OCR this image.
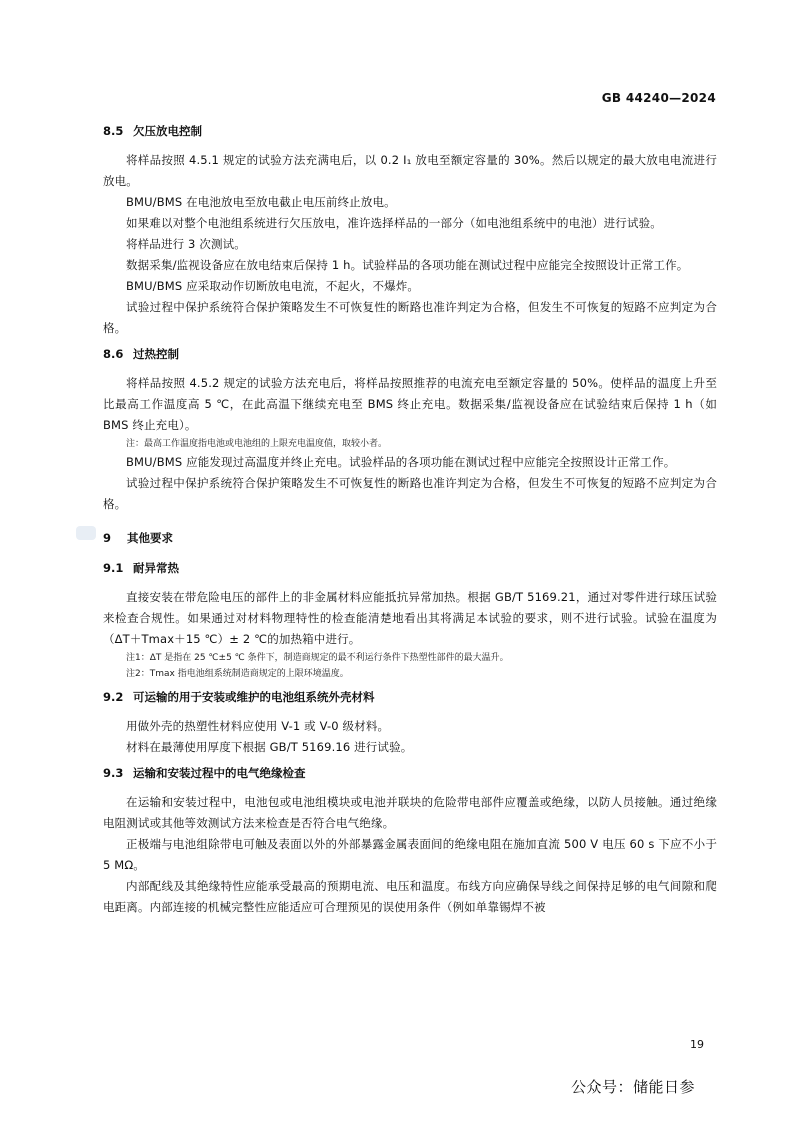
GB 44240—2024

8.5 欠压放电控制

将样品按照 4.5.1 规定的试验方法充满电后，以 0.2 I₁ 放电至额定容量的 30%。然后以规定的最大放电电流进行放电。

BMU/BMS 在电池放电至放电截止电压前终止放电。

如果难以对整个电池组系统进行欠压放电，准许选择样品的一部分（如电池组系统中的电池）进行试验。

将样品进行 3 次测试。

数据采集/监视设备应在放电结束后保持 1 h。试验样品的各项功能在测试过程中应能完全按照设计正常工作。

BMU/BMS 应采取动作切断放电电流，不起火，不爆炸。

试验过程中保护系统符合保护策略发生不可恢复性的断路也准许判定为合格，但发生不可恢复的短路不应判定为合格。

8.6 过热控制

将样品按照 4.5.2 规定的试验方法充电后，将样品按照推荐的电流充电至额定容量的 50%。使样品的温度上升至比最高工作温度高 5 ℃，在此高温下继续充电至 BMS 终止充电。数据采集/监视设备应在试验结束后保持 1 h（如 BMS 终止充电）。

注：最高工作温度指电池或电池组的上限充电温度值，取较小者。

BMU/BMS 应能发现过高温度并终止充电。试验样品的各项功能在测试过程中应能完全按照设计正常工作。

试验过程中保护系统符合保护策略发生不可恢复性的断路也准许判定为合格，但发生不可恢复的短路不应判定为合格。

9 其他要求

9.1 耐异常热

直接安装在带危险电压的部件上的非金属材料应能抵抗异常加热。根据 GB/T 5169.21，通过对零件进行球压试验来检查合规性。如果通过对材料物理特性的检查能清楚地看出其将满足本试验的要求，则不进行试验。试验在温度为（ΔT＋Tmax＋15 ℃）± 2 ℃的加热箱中进行。

注1：ΔT 是指在 25 ℃±5 ℃ 条件下，制造商规定的最不利运行条件下热塑性部件的最大温升。

注2：Tmax 指电池组系统制造商规定的上限环境温度。

9.2 可运输的用于安装或维护的电池组系统外壳材料

用做外壳的热塑性材料应使用 V-1 或 V-0 级材料。

材料在最薄使用厚度下根据 GB/T 5169.16 进行试验。

9.3 运输和安装过程中的电气绝缘检查

在运输和安装过程中，电池包或电池组模块或电池并联块的危险带电部件应覆盖或绝缘，以防人员接触。通过绝缘电阻测试或其他等效测试方法来检查是否符合电气绝缘。

正极端与电池组除带电可触及表面以外的外部暴露金属表面间的绝缘电阻在施加直流 500 V 电压 60 s 下应不小于 5 MΩ。

内部配线及其绝缘特性应能承受最高的预期电流、电压和温度。布线方向应确保导线之间保持足够的电气间隙和爬电距离。内部连接的机械完整性应能适应可合理预见的误使用条件（例如单靠锡焊不被

19
公众号：储能日参
